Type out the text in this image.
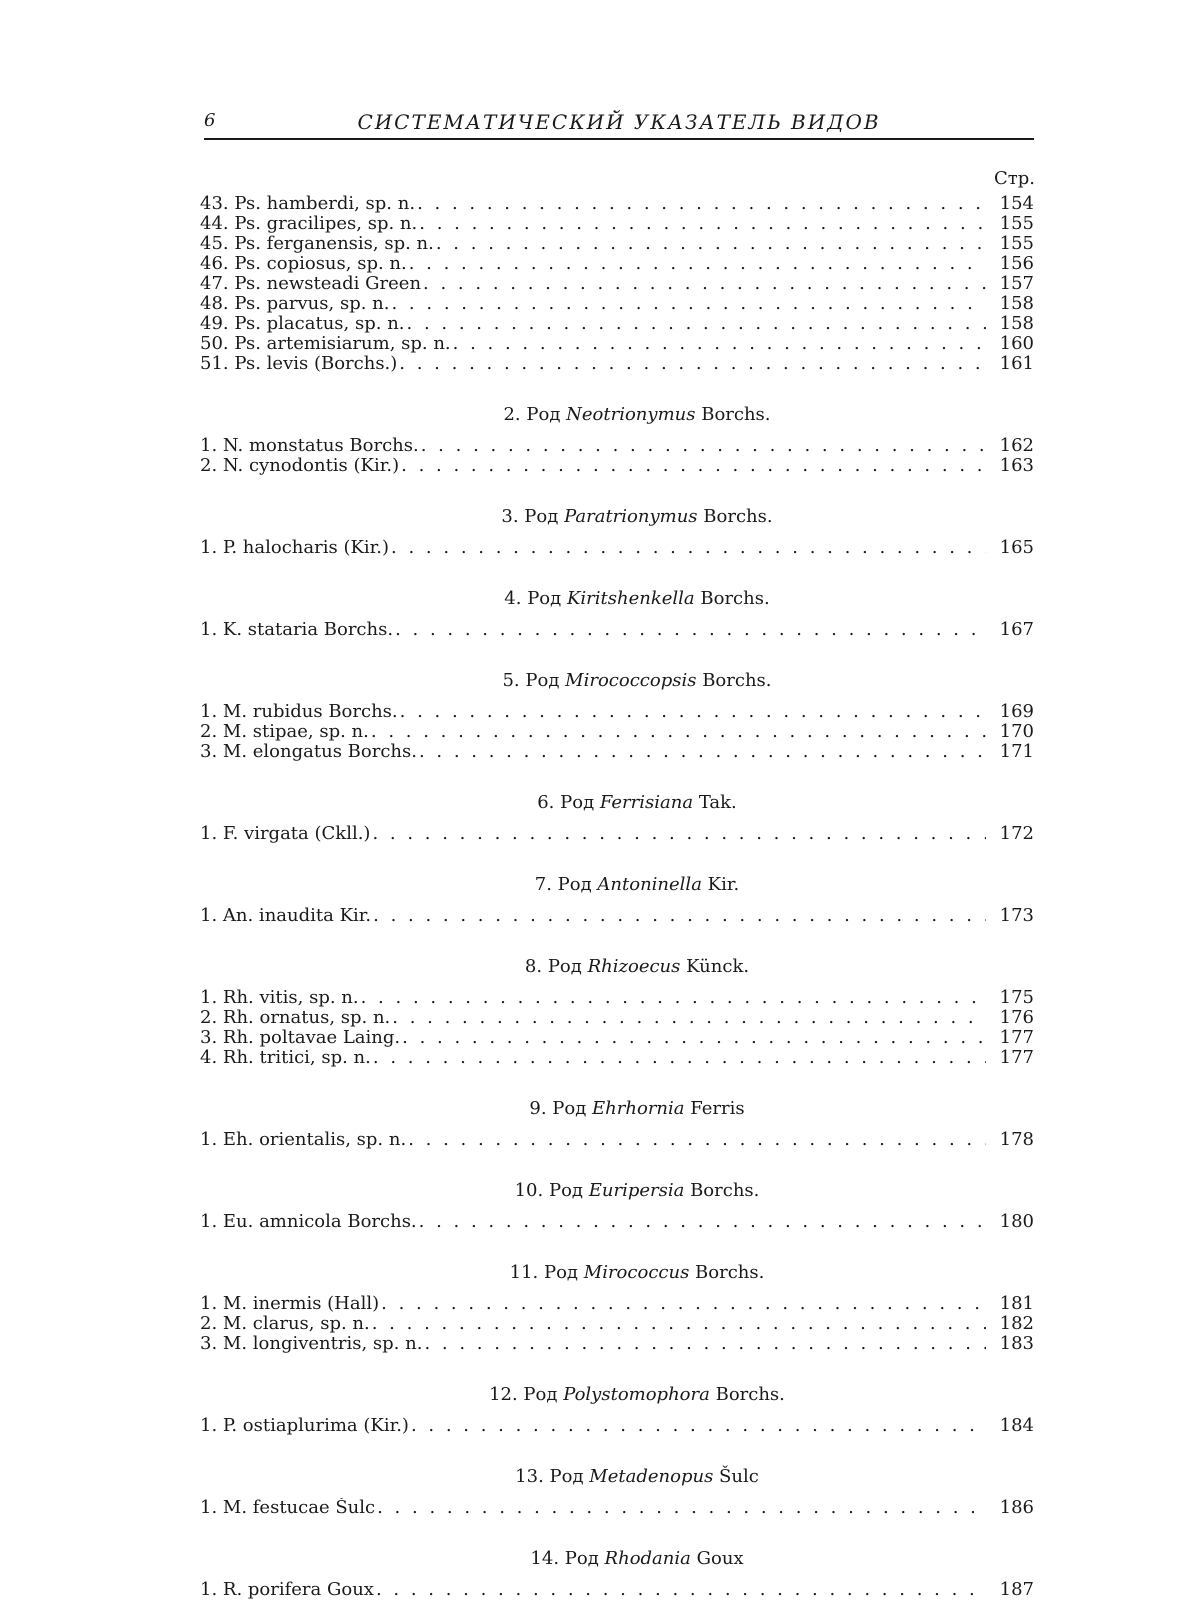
6	СИСТЕМАТИЧЕСКИЙ УКАЗАТЕЛЬ ВИДОВ
Стр.
43. Ps. hamberdi, sp. n. . . .	154
44. Ps. gracilipes, sp. n. . . .	155
45. Ps. ferganensis, sp. n. . . .	155
46. Ps. copiosus, sp. n. . . .	156
47. Ps. newsteadi Green . . .	157
48. Ps. parvus, sp. n. . . .	158
49. Ps. placatus, sp. n. . . .	158
50. Ps. artemisiarum, sp. n. . . .	160
51. Ps. levis (Borchs.) . . .	161
2. Род Neotrionymus Borchs.
1. N. monstatus Borchs. . . .	162
2. N. cynodontis (Kir.) . . .	163
3. Род Paratrionymus Borchs.
1. P. halocharis (Kir.) . . .	165
4. Род Kiritshenkella Borchs.
1. K. stataria Borchs. . . .	167
5. Род Mirococcopsis Borchs.
1. M. rubidus Borchs. . . .	169
2. M. stipae, sp. n. . . .	170
3. M. elongatus Borchs. . . .	171
6. Род Ferrisiana Tak.
1. F. virgata (Ckll.) . . .	172
7. Род Antoninella Kir.
1. An. inaudita Kir. . . .	173
8. Род Rhizoecus Künck.
1. Rh. vitis, sp. n. . . .	175
2. Rh. ornatus, sp. n. . . .	176
3. Rh. poltavae Laing. . . .	177
4. Rh. tritici, sp. n. . . .	177
9. Род Ehrhornia Ferris
1. Eh. orientalis, sp. n. . . .	178
10. Род Euripersia Borchs.
1. Eu. amnicola Borchs. . . .	180
11. Род Mirococcus Borchs.
1. M. inermis (Hall) . . .	181
2. M. clarus, sp. n. . . .	182
3. M. longiventris, sp. n. . . .	183
12. Род Polystomophora Borchs.
1. P. ostiaplurima (Kir.) . . .	184
13. Род Metadenopus Šulc
1. M. festucae Šulc . . .	186
14. Род Rhodania Goux
1. R. porifera Goux . . .	187
